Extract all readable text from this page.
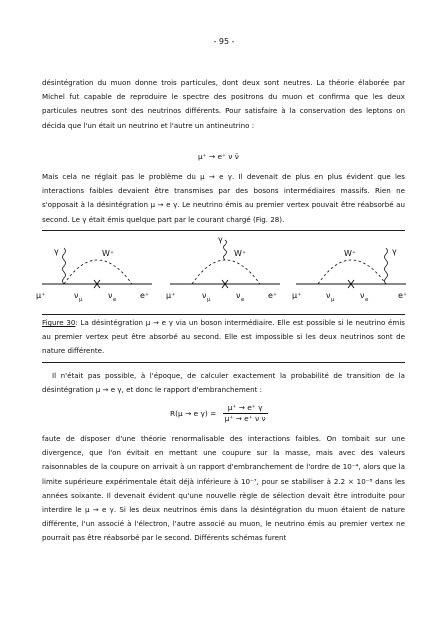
- 95 -

désintégration du muon donne trois particules, dont deux sont neutres. La théorie élaborée par Michel fut capable de reproduire le spectre des positrons du muon et confirma que les deux particules neutres sont des neutrinos différents. Pour satisfaire à la conservation des leptons on décida que l'un était un neutrino et l'autre un antineutrino :

μ⁺ → e⁺ ν ν̄

Mais cela ne réglait pas le problème du μ → e γ. Il devenait de plus en plus évident que les interactions faibles devaient être transmises par des bosons intermédiaires massifs. Rien ne s'opposait à la désintégration μ → e γ. Le neutrino émis au premier vertex pouvait être réabsorbé au second. Le γ était émis quelque part par le courant chargé (Fig. 28).

γ	W⁺
μ⁺	ν μ	ν e	e⁺
γ
W⁺
μ⁺	ν μ	ν e	e⁺
γ
W⁺
μ⁺	ν μ	ν e	e⁺

Figure 30: La désintégration μ → e γ via un boson intermédiaire. Elle est possible si le neutrino émis au premier vertex peut être absorbé au second. Elle est impossible si les deux neutrinos sont de nature différente.

Il n'était pas possible, à l'époque, de calculer exactement la probabilité de transition de la désintégration μ → e γ, et donc le rapport d'embranchement :

R(μ → e $\gamma) = \frac{\mu^+ \to e^+ \gamma}{\text{μ⁺ → e⁺ ν ν}}$

faute de disposer d'une théorie renormalisable des interactions faibles. On tombait sur une divergence, que l'on évitait en mettant une coupure sur la masse, mais avec des valeurs raisonnables de la coupure on arrivait à un rapport d'embranchement de l'ordre de 10⁻⁴, alors que la limite supérieure expérimentale était déjà inférieure à 10⁻⁷, pour se stabiliser à 2.2 × 10⁻⁸ dans les années soixante. Il devenait évident qu'une nouvelle règle de sélection devait être introduite pour interdire le μ → e γ. Si les deux neutrinos émis dans la désintégration du muon étaient de nature différente, l'un associé à l'électron, l'autre associé au muon, le neutrino émis au premier vertex ne pourrait pas être réabsorbé par le second. Différents schémas furent
